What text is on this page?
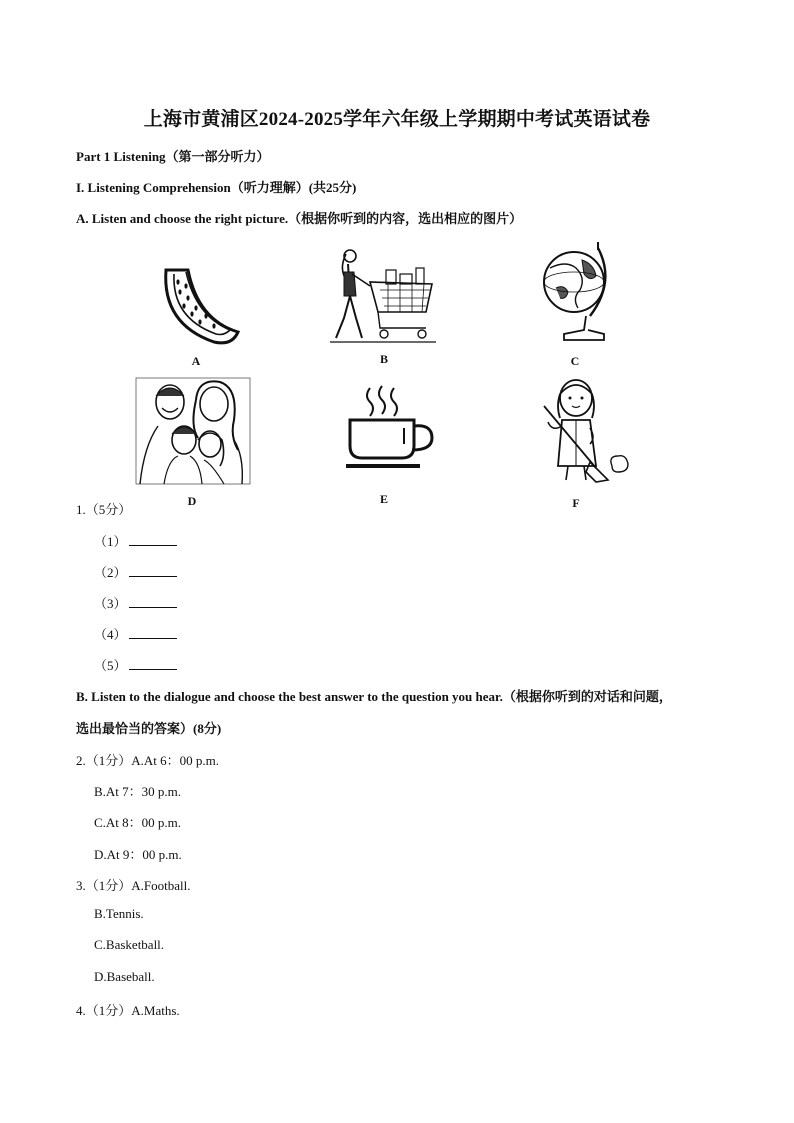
上海市黄浦区2024-2025学年六年级上学期期中考试英语试卷
Part 1 Listening（第一部分听力）
I. Listening Comprehension（听力理解）(共25分)
A. Listen and choose the right picture.（根据你听到的内容，选出相应的图片）
A	B	C
D	E	F
1.（5分）
（1）
（2）
（3）
（4）
（5）
B. Listen to the dialogue and choose the best answer to the question you hear.（根据你听到的对话和问题，
选出最恰当的答案）(8分)
2.（1分）A.At 6：00 p.m.
B.At 7：30 p.m.
C.At 8：00 p.m.
D.At 9：00 p.m.
3.（1分）A.Football.
B.Tennis.
C.Basketball.
D.Baseball.
4.（1分）A.Maths.
